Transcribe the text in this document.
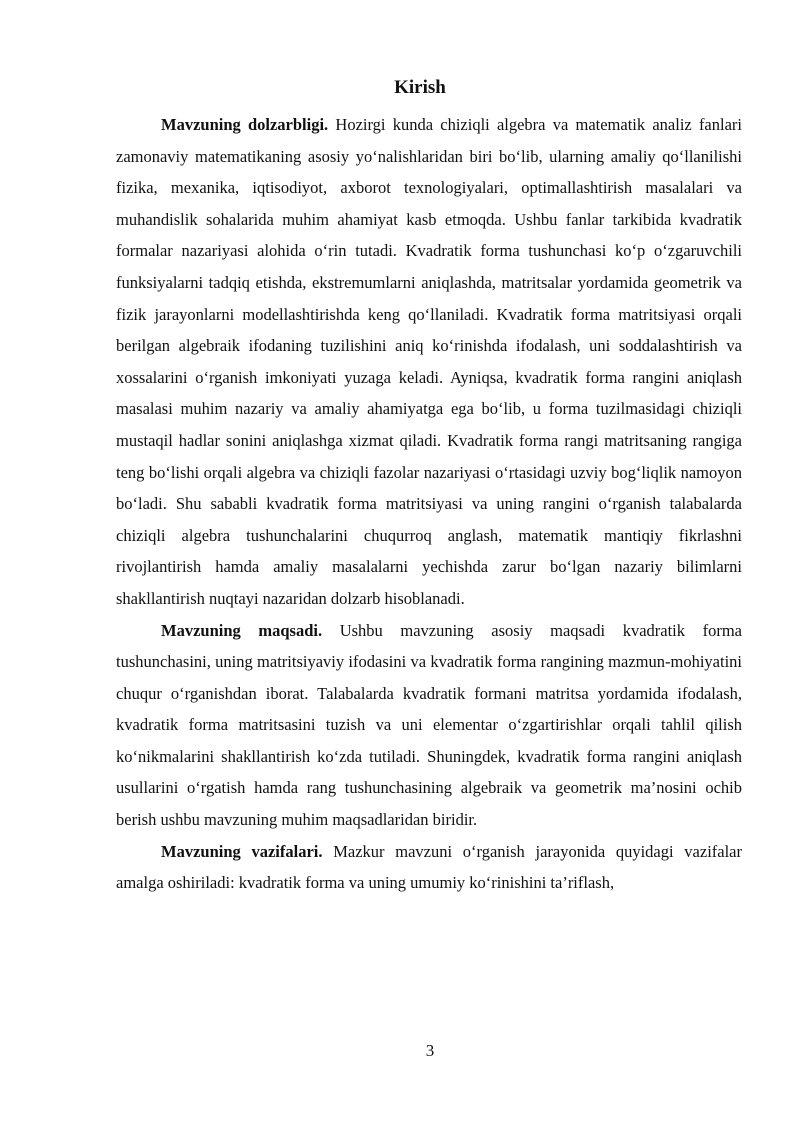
Kirish

Mavzuning dolzarbligi. Hozirgi kunda chiziqli algebra va matematik analiz fanlari zamonaviy matematikaning asosiy yo‘nalishlaridan biri bo‘lib, ularning amaliy qo‘llanilishi fizika, mexanika, iqtisodiyot, axborot texnologiyalari, optimallashtirish masalalari va muhandislik sohalarida muhim ahamiyat kasb etmoqda. Ushbu fanlar tarkibida kvadratik formalar nazariyasi alohida o‘rin tutadi. Kvadratik forma tushunchasi ko‘p o‘zgaruvchili funksiyalarni tadqiq etishda, ekstremumlarni aniqlashda, matritsalar yordamida geometrik va fizik jarayonlarni modellashtirishda keng qo‘llaniladi. Kvadratik forma matritsiyasi orqali berilgan algebraik ifodaning tuzilishini aniq ko‘rinishda ifodalash, uni soddalashtirish va xossalarini o‘rganish imkoniyati yuzaga keladi. Ayniqsa, kvadratik forma rangini aniqlash masalasi muhim nazariy va amaliy ahamiyatga ega bo‘lib, u forma tuzilmasidagi chiziqli mustaqil hadlar sonini aniqlashga xizmat qiladi. Kvadratik forma rangi matritsaning rangiga teng bo‘lishi orqali algebra va chiziqli fazolar nazariyasi o‘rtasidagi uzviy bog‘liqlik namoyon bo‘ladi. Shu sababli kvadratik forma matritsiyasi va uning rangini o‘rganish talabalarda chiziqli algebra tushunchalarini chuqurroq anglash, matematik mantiqiy fikrlashni rivojlantirish hamda amaliy masalalarni yechishda zarur bo‘lgan nazariy bilimlarni shakllantirish nuqtayi nazaridan dolzarb hisoblanadi.

Mavzuning maqsadi. Ushbu mavzuning asosiy maqsadi kvadratik forma tushunchasini, uning matritsiyaviy ifodasini va kvadratik forma rangining mazmun-mohiyatini chuqur o‘rganishdan iborat. Talabalarda kvadratik formani matritsa yordamida ifodalash, kvadratik forma matritsasini tuzish va uni elementar o‘zgartirishlar orqali tahlil qilish ko‘nikmalarini shakllantirish ko‘zda tutiladi. Shuningdek, kvadratik forma rangini aniqlash usullarini o‘rgatish hamda rang tushunchasining algebraik va geometrik ma’nosini ochib berish ushbu mavzuning muhim maqsadlaridan biridir.

Mavzuning vazifalari. Mazkur mavzuni o‘rganish jarayonida quyidagi vazifalar amalga oshiriladi: kvadratik forma va uning umumiy ko‘rinishini ta’riflash,

3
